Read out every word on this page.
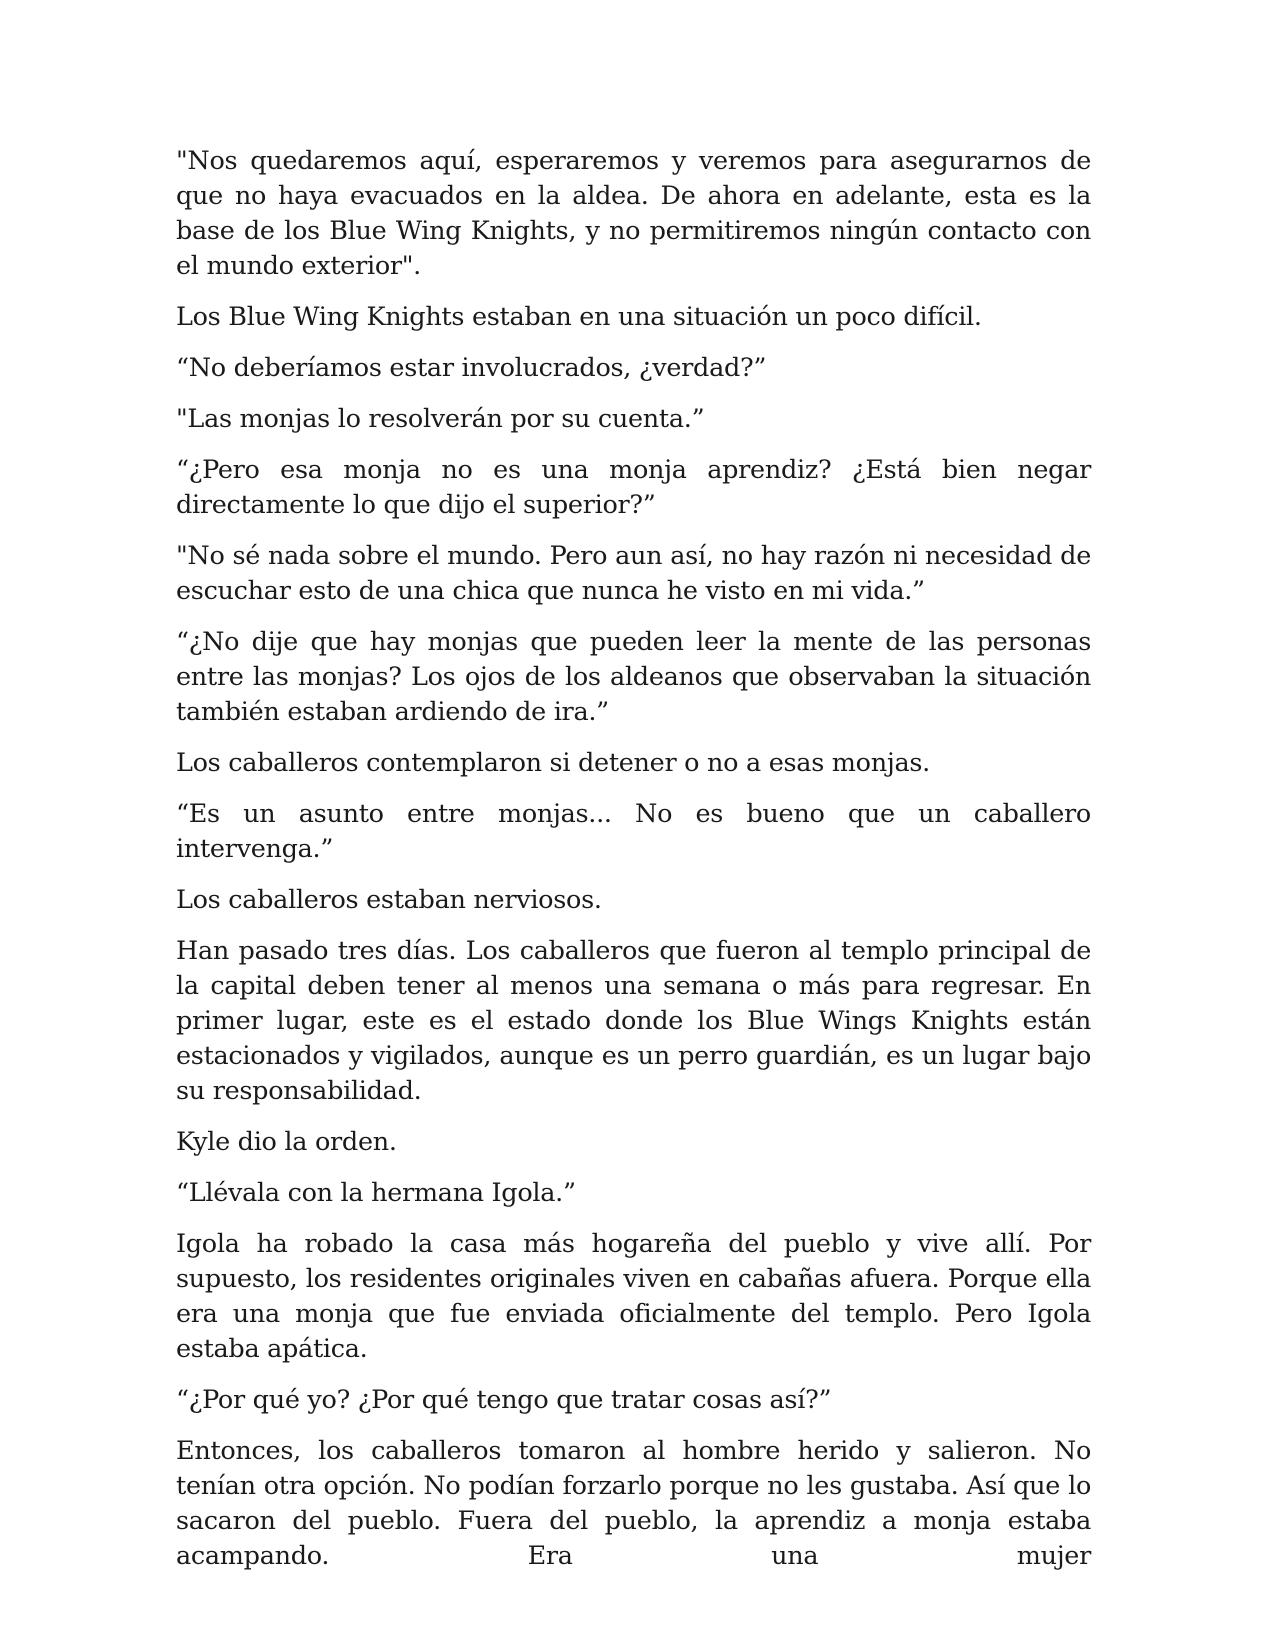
"Nos quedaremos aquí, esperaremos y veremos para asegurarnos de que no haya evacuados en la aldea. De ahora en adelante, esta es la base de los Blue Wing Knights, y no permitiremos ningún contacto con el mundo exterior".

Los Blue Wing Knights estaban en una situación un poco difícil.

“No deberíamos estar involucrados, ¿verdad?”

"Las monjas lo resolverán por su cuenta.”

“¿Pero esa monja no es una monja aprendiz? ¿Está bien negar directamente lo que dijo el superior?”

"No sé nada sobre el mundo. Pero aun así, no hay razón ni necesidad de escuchar esto de una chica que nunca he visto en mi vida.”

“¿No dije que hay monjas que pueden leer la mente de las personas entre las monjas? Los ojos de los aldeanos que observaban la situación también estaban ardiendo de ira.”

Los caballeros contemplaron si detener o no a esas monjas.

“Es un asunto entre monjas... No es bueno que un caballero intervenga.”

Los caballeros estaban nerviosos.

Han pasado tres días. Los caballeros que fueron al templo principal de la capital deben tener al menos una semana o más para regresar. En primer lugar, este es el estado donde los Blue Wings Knights están estacionados y vigilados, aunque es un perro guardián, es un lugar bajo su responsabilidad.

Kyle dio la orden.

“Llévala con la hermana Igola.”

Igola ha robado la casa más hogareña del pueblo y vive allí. Por supuesto, los residentes originales viven en cabañas afuera. Porque ella era una monja que fue enviada oficialmente del templo. Pero Igola estaba apática.

“¿Por qué yo? ¿Por qué tengo que tratar cosas así?”

Entonces, los caballeros tomaron al hombre herido y salieron. No tenían otra opción. No podían forzarlo porque no les gustaba. Así que lo sacaron del pueblo. Fuera del pueblo, la aprendiz a monja estaba acampando. Era una mujer
